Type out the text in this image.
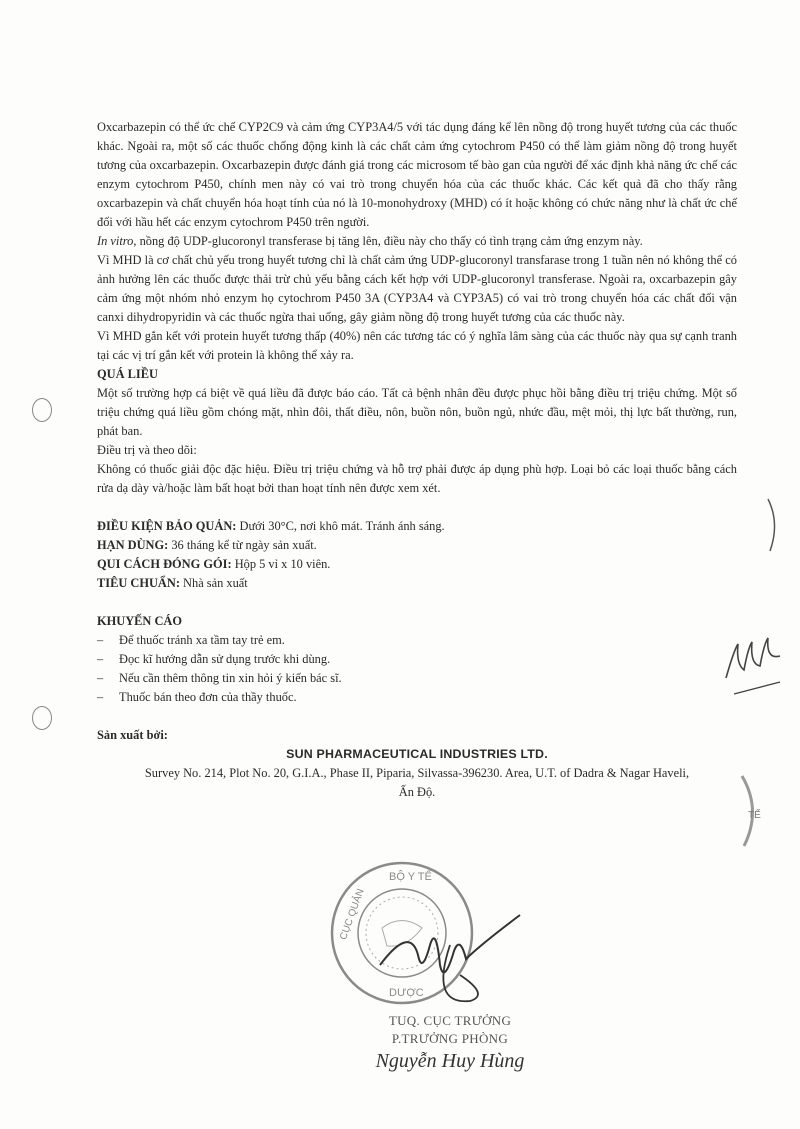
Oxcarbazepin có thể ức chế CYP2C9 và cảm ứng CYP3A4/5 với tác dụng đáng kể lên nồng độ trong huyết tương của các thuốc khác. Ngoài ra, một số các thuốc chống động kinh là các chất cảm ứng cytochrom P450 có thể làm giảm nồng độ trong huyết tương của oxcarbazepin. Oxcarbazepin được đánh giá trong các microsom tế bào gan của người để xác định khả năng ức chế các enzym cytochrom P450, chính men này có vai trò trong chuyển hóa của các thuốc khác. Các kết quả đã cho thấy rằng oxcarbazepin và chất chuyển hóa hoạt tính của nó là 10-monohydroxy (MHD) có ít hoặc không có chức năng như là chất ức chế đối với hầu hết các enzym cytochrom P450 trên người.

In vitro, nồng độ UDP-glucoronyl transferase bị tăng lên, điều này cho thấy có tình trạng cảm ứng enzym này.

Vì MHD là cơ chất chủ yếu trong huyết tương chỉ là chất cảm ứng UDP-glucoronyl transfarase trong 1 tuần nên nó không thể có ảnh hưởng lên các thuốc được thải trừ chủ yếu bằng cách kết hợp với UDP-glucoronyl transferase. Ngoài ra, oxcarbazepin gây cảm ứng một nhóm nhỏ enzym họ cytochrom P450 3A (CYP3A4 và CYP3A5) có vai trò trong chuyển hóa các chất đối vận canxi dihydropyridin và các thuốc ngừa thai uống, gây giảm nồng độ trong huyết tương của các thuốc này.

Vì MHD gắn kết với protein huyết tương thấp (40%) nên các tương tác có ý nghĩa lâm sàng của các thuốc này qua sự cạnh tranh tại các vị trí gắn kết với protein là không thể xảy ra.

QUÁ LIỀU

Một số trường hợp cá biệt về quá liều đã được báo cáo. Tất cả bệnh nhân đều được phục hồi bằng điều trị triệu chứng. Một số triệu chứng quá liều gồm chóng mặt, nhìn đôi, thất điều, nôn, buồn nôn, buồn ngủ, nhức đầu, mệt mỏi, thị lực bất thường, run, phát ban.

Điều trị và theo dõi:

Không có thuốc giải độc đặc hiệu. Điều trị triệu chứng và hỗ trợ phải được áp dụng phù hợp. Loại bỏ các loại thuốc bằng cách rửa dạ dày và/hoặc làm bất hoạt bởi than hoạt tính nên được xem xét.

ĐIỀU KIỆN BẢO QUẢN: Dưới 30°C, nơi khô mát. Tránh ánh sáng.

HẠN DÙNG: 36 tháng kể từ ngày sản xuất.

QUI CÁCH ĐÓNG GÓI: Hộp 5 vỉ x 10 viên.

TIÊU CHUẨN: Nhà sản xuất

KHUYẾN CÁO

– Để thuốc tránh xa tầm tay trẻ em.
– Đọc kĩ hướng dẫn sử dụng trước khi dùng.
– Nếu cần thêm thông tin xin hỏi ý kiến bác sĩ.
– Thuốc bán theo đơn của thầy thuốc.

Sản xuất bởi:

SUN PHARMACEUTICAL INDUSTRIES LTD.

Survey No. 214, Plot No. 20, G.I.A., Phase II, Piparia, Silvassa-396230. Area, U.T. of Dadra & Nagar Haveli,

Ấn Độ.

TẾ
BỘ Y TẾ
CỤC QUẢN
DƯỢC
TUQ. CỤC TRƯỞNG
P.TRƯỞNG PHÒNG
Nguyễn Huy Hùng
